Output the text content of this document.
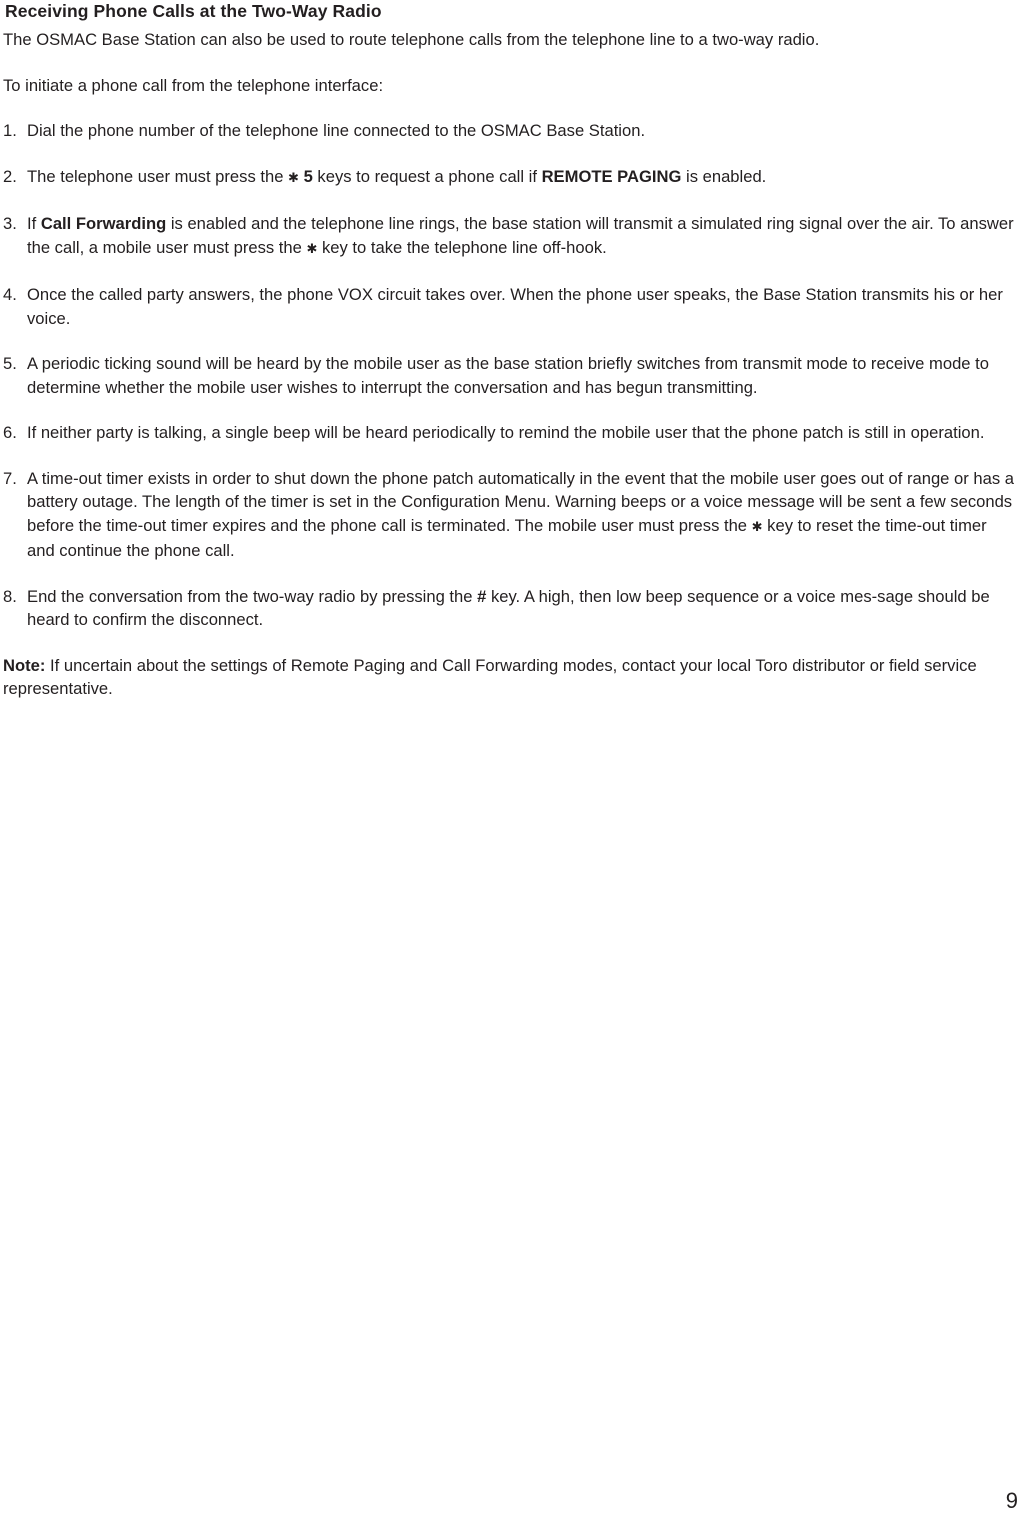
Receiving Phone Calls at the Two-Way Radio

The OSMAC Base Station can also be used to route telephone calls from the telephone line to a two-way radio.

To initiate a phone call from the telephone interface:

1. Dial the phone number of the telephone line connected to the OSMAC Base Station.
2. The telephone user must press the ✱ 5 keys to request a phone call if REMOTE PAGING is enabled.
3. If Call Forwarding is enabled and the telephone line rings, the base station will transmit a simulated ring signal over the air. To answer the call, a mobile user must press the ✱ key to take the telephone line off-hook.
4. Once the called party answers, the phone VOX circuit takes over. When the phone user speaks, the Base Station transmits his or her voice.
5. A periodic ticking sound will be heard by the mobile user as the base station briefly switches from transmit mode to receive mode to determine whether the mobile user wishes to interrupt the conversation and has begun transmitting.
6. If neither party is talking, a single beep will be heard periodically to remind the mobile user that the phone patch is still in operation.
7. A time-out timer exists in order to shut down the phone patch automatically in the event that the mobile user goes out of range or has a battery outage. The length of the timer is set in the Configuration Menu. Warning beeps or a voice message will be sent a few seconds before the time-out timer expires and the phone call is terminated. The mobile user must press the ✱ key to reset the time-out timer and continue the phone call.
8. End the conversation from the two-way radio by pressing the # key. A high, then low beep sequence or a voice mes-sage should be heard to confirm the disconnect.

Note: If uncertain about the settings of Remote Paging and Call Forwarding modes, contact your local Toro distributor or field service representative.

9
